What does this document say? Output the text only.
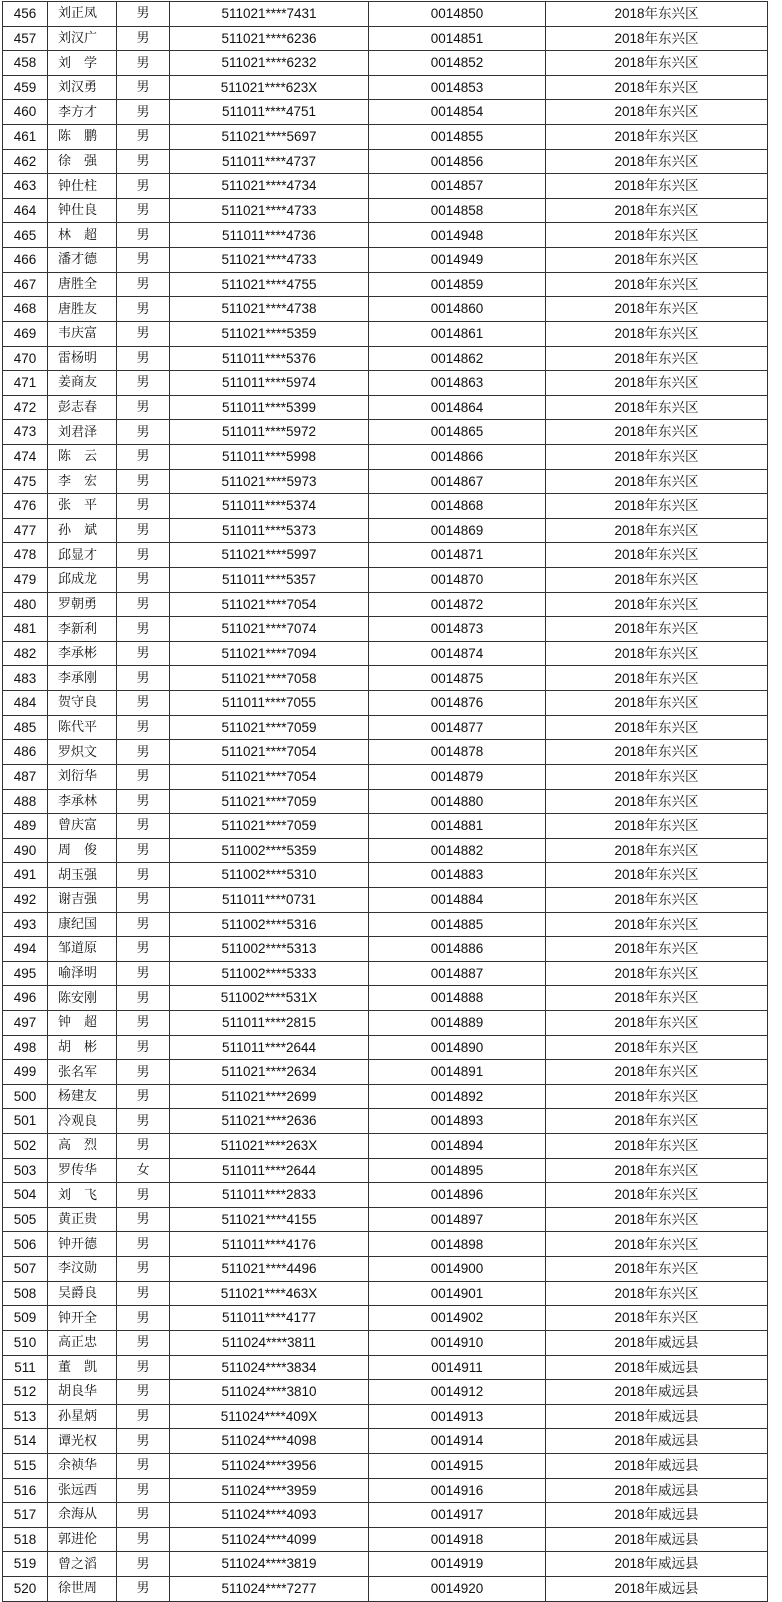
456	刘正凤	男	511021****7431	0014850	2018年东兴区
457	刘汉广	男	511021****6236	0014851	2018年东兴区
458	刘　学	男	511021****6232	0014852	2018年东兴区
459	刘汉勇	男	511021****623X	0014853	2018年东兴区
460	李方才	男	511011****4751	0014854	2018年东兴区
461	陈　鹏	男	511021****5697	0014855	2018年东兴区
462	徐　强	男	511011****4737	0014856	2018年东兴区
463	钟仕柱	男	511021****4734	0014857	2018年东兴区
464	钟仕良	男	511021****4733	0014858	2018年东兴区
465	林　超	男	511011****4736	0014948	2018年东兴区
466	潘才德	男	511021****4733	0014949	2018年东兴区
467	唐胜全	男	511021****4755	0014859	2018年东兴区
468	唐胜友	男	511021****4738	0014860	2018年东兴区
469	韦庆富	男	511021****5359	0014861	2018年东兴区
470	雷杨明	男	511011****5376	0014862	2018年东兴区
471	姜商友	男	511011****5974	0014863	2018年东兴区
472	彭志春	男	511011****5399	0014864	2018年东兴区
473	刘君泽	男	511011****5972	0014865	2018年东兴区
474	陈　云	男	511011****5998	0014866	2018年东兴区
475	李　宏	男	511021****5973	0014867	2018年东兴区
476	张　平	男	511011****5374	0014868	2018年东兴区
477	孙　斌	男	511011****5373	0014869	2018年东兴区
478	邱显才	男	511021****5997	0014871	2018年东兴区
479	邱成龙	男	511011****5357	0014870	2018年东兴区
480	罗朝勇	男	511021****7054	0014872	2018年东兴区
481	李新利	男	511021****7074	0014873	2018年东兴区
482	李承彬	男	511021****7094	0014874	2018年东兴区
483	李承刚	男	511021****7058	0014875	2018年东兴区
484	贺守良	男	511011****7055	0014876	2018年东兴区
485	陈代平	男	511021****7059	0014877	2018年东兴区
486	罗炽文	男	511021****7054	0014878	2018年东兴区
487	刘衍华	男	511021****7054	0014879	2018年东兴区
488	李承林	男	511021****7059	0014880	2018年东兴区
489	曾庆富	男	511021****7059	0014881	2018年东兴区
490	周　俊	男	511002****5359	0014882	2018年东兴区
491	胡玉强	男	511002****5310	0014883	2018年东兴区
492	谢吉强	男	511011****0731	0014884	2018年东兴区
493	康纪国	男	511002****5316	0014885	2018年东兴区
494	邹道原	男	511002****5313	0014886	2018年东兴区
495	喻泽明	男	511002****5333	0014887	2018年东兴区
496	陈安刚	男	511002****531X	0014888	2018年东兴区
497	钟　超	男	511011****2815	0014889	2018年东兴区
498	胡　彬	男	511011****2644	0014890	2018年东兴区
499	张名军	男	511021****2634	0014891	2018年东兴区
500	杨建友	男	511021****2699	0014892	2018年东兴区
501	冷观良	男	511021****2636	0014893	2018年东兴区
502	高　烈	男	511021****263X	0014894	2018年东兴区
503	罗传华	女	511011****2644	0014895	2018年东兴区
504	刘　飞	男	511011****2833	0014896	2018年东兴区
505	黄正贵	男	511021****4155	0014897	2018年东兴区
506	钟开德	男	511011****4176	0014898	2018年东兴区
507	李汶勋	男	511021****4496	0014900	2018年东兴区
508	吴爵良	男	511021****463X	0014901	2018年东兴区
509	钟开全	男	511011****4177	0014902	2018年东兴区
510	高正忠	男	511024****3811	0014910	2018年威远县
511	董　凯	男	511024****3834	0014911	2018年威远县
512	胡良华	男	511024****3810	0014912	2018年威远县
513	孙星炳	男	511024****409X	0014913	2018年威远县
514	谭光权	男	511024****4098	0014914	2018年威远县
515	余祯华	男	511024****3956	0014915	2018年威远县
516	张远西	男	511024****3959	0014916	2018年威远县
517	余海从	男	511024****4093	0014917	2018年威远县
518	郭进伦	男	511024****4099	0014918	2018年威远县
519	曾之滔	男	511024****3819	0014919	2018年威远县
520	徐世周	男	511024****7277	0014920	2018年威远县
